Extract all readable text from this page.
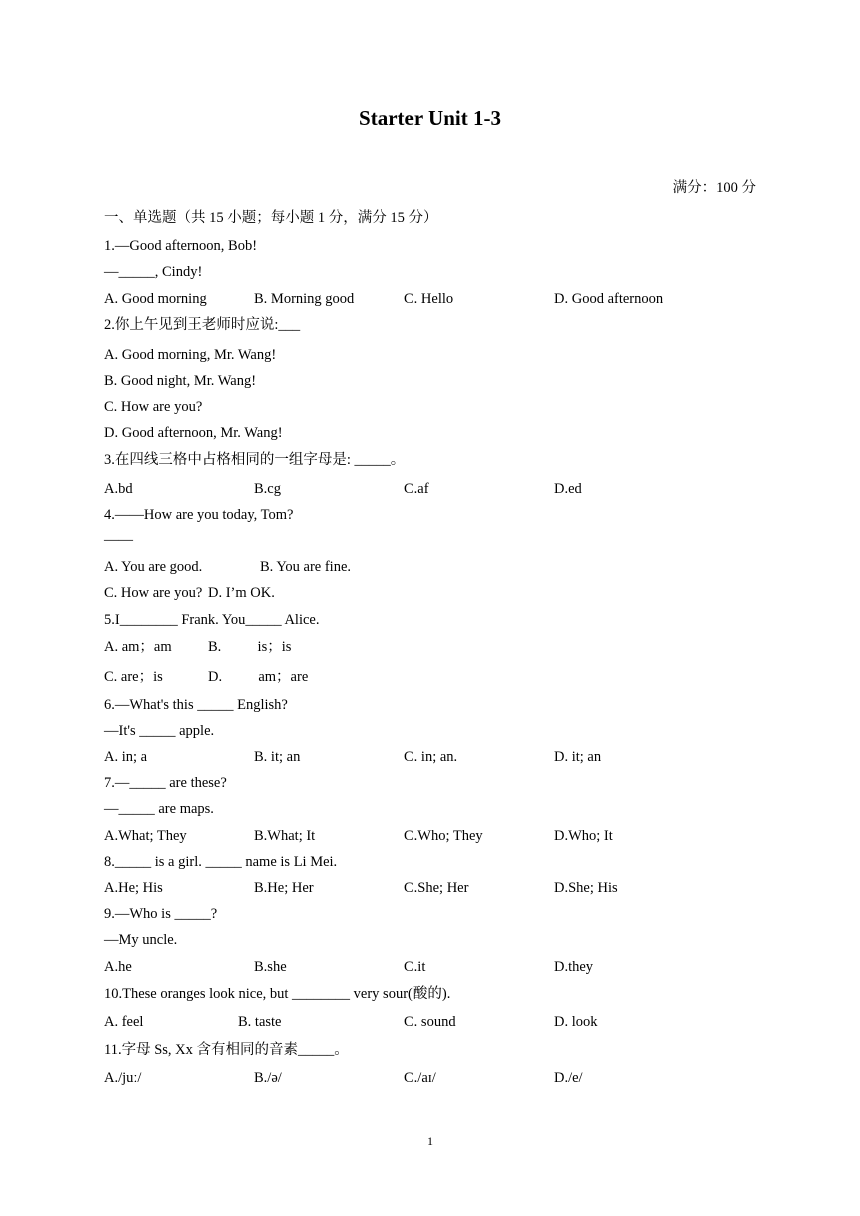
Starter Unit 1-3
满分：100 分
一、单选题（共 15 小题；每小题 1 分，满分 15 分）
1.—Good afternoon, Bob!
—_____, Cindy!
A. Good morning	B. Morning good	C. Hello	D. Good afternoon
2.你上午见到王老师时应说:___
A. Good morning, Mr. Wang!
B. Good night, Mr. Wang!
C. How are you?
D. Good afternoon, Mr. Wang!
3.在四线三格中占格相同的一组字母是: _____。
A.bd	B.cg	C.af	D.ed
4.——How are you today, Tom?
——
A. You are good.	B. You are fine.
C. How are you? D. I’m OK.
5.I________ Frank. You_____ Alice.
A. am；am	B.          is；is
C. are；is	D.          am；are
6.—What's this _____ English?
—It's _____ apple.
A. in; a	B. it; an	C. in; an.	D. it; an
7.—_____ are these?
—_____ are maps.
A.What; They	B.What; It	C.Who; They	D.Who; It
8._____ is a girl. _____ name is Li Mei.
A.He; His	B.He; Her	C.She; Her	D.She; His
9.—Who is _____?
—My uncle.
A.he	B.she	C.it	D.they
10.These oranges look nice, but ________ very sour(酸的).
A. feel	B. taste	C. sound	D. look
11.字母 Ss, Xx 含有相同的音素_____。
A./juː/	B./ə/	C./aɪ/	D./e/
1
